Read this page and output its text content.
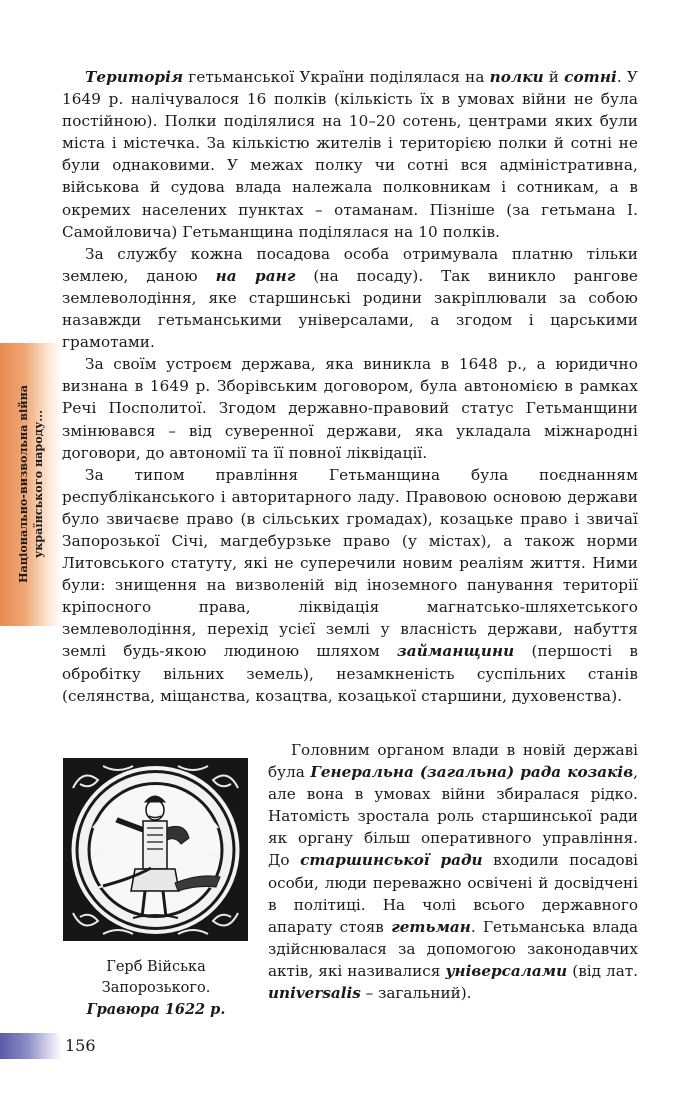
Національно-визвольна війна українського народу...

Територія гетьманської України поділялася на полки й сотні. У 1649 р. налічувалося 16 полків (кількість їх в умовах війни не була постійною). Полки поділялися на 10–20 сотень, центрами яких були міста і містечка. За кількістю жителів і територією полки й сотні не були однаковими. У межах полку чи сотні вся адміністративна, військова й судова влада належала полковникам і сотникам, а в окремих населених пунктах – отаманам. Пізніше (за гетьмана І. Самойловича) Гетьманщина поділялася на 10 полків.

За службу кожна посадова особа отримувала платню тільки землею, даною на ранг (на посаду). Так виникло рангове землеволодіння, яке старшинські родини закріплювали за собою назавжди гетьманськими універсалами, а згодом і царськими грамотами.

За своїм устроєм держава, яка виникла в 1648 р., а юридично визнана в 1649 р. Зборівським договором, була автономією в рамках Речі Посполитої. Згодом державно-правовий статус Гетьманщини змінювався – від суверенної держави, яка укладала міжнародні договори, до автономії та її повної ліквідації.

За типом правління Гетьманщина була поєднанням республіканського і авторитарного ладу. Правовою основою держави було звичаєве право (в сільських громадах), козацьке право і звичаї Запорозької Січі, магдебурзьке право (у містах), а також норми Литовського статуту, які не суперечили новим реаліям життя. Ними були: знищення на визволеній від іноземного панування території кріпосного права, ліквідація магнатсько-шляхетського землеволодіння, перехід усієї землі у власність держави, набуття землі будь-якою людиною шляхом займанщини (першості в обробітку вільних земель), незамкненість суспільних станів (селянства, міщанства, козацтва, козацької старшини, духовенства).

Герб Війська
Запорозького.
Гравюра 1622 р.

Головним органом влади в новій державі була Генеральна (загальна) рада козаків, але вона в умовах війни збиралася рідко. Натомість зростала роль старшинської ради як органу більш оперативного управління. До старшинської ради входили посадові особи, люди переважно освічені й досвідчені в політиці. На чолі всього державного апарату стояв гетьман. Гетьманська влада здійснювалася за допомогою законодавчих актів, які називалися універсалами (від лат. universalis – загальний).

156
